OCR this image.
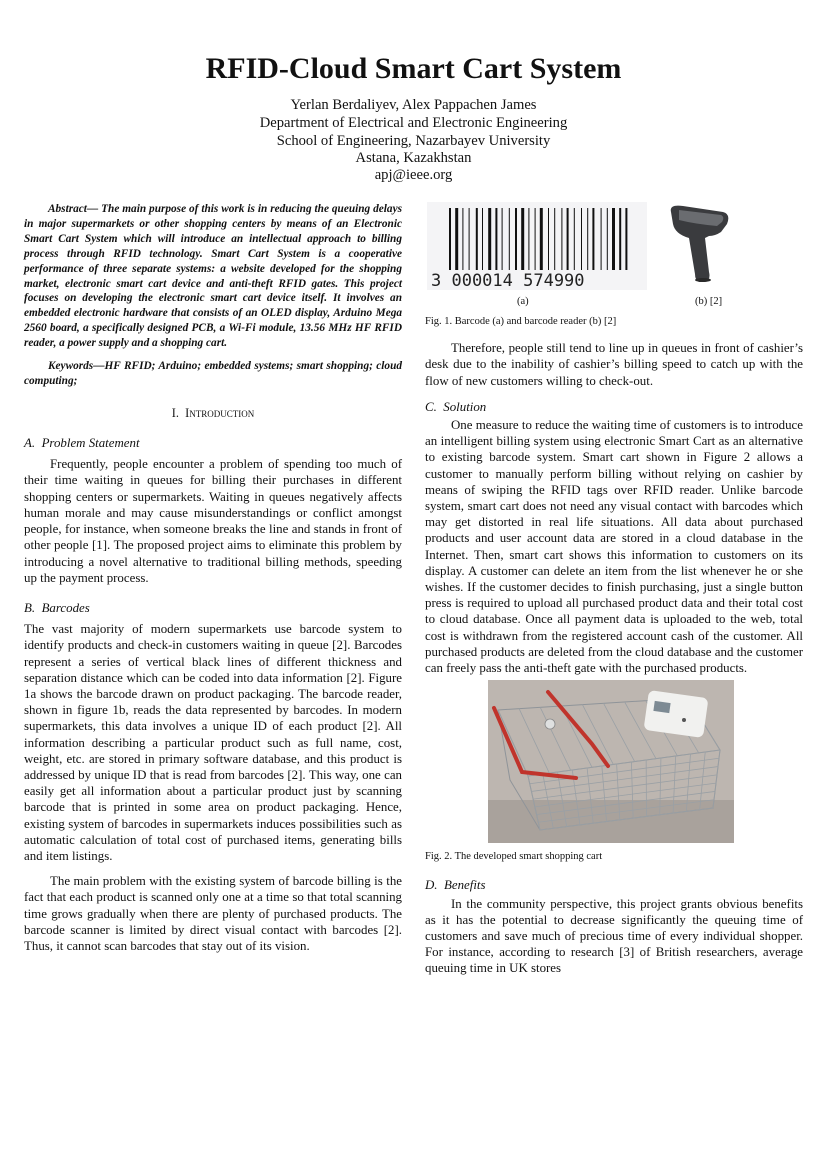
RFID-Cloud Smart Cart System
Yerlan Berdaliyev, Alex Pappachen James
Department of Electrical and Electronic Engineering
School of Engineering, Nazarbayev University
Astana, Kazakhstan
apj@ieee.org

Abstract— The main purpose of this work is in reducing the queuing delays in major supermarkets or other shopping centers by means of an Electronic Smart Cart System which will introduce an intellectual approach to billing process through RFID technology. Smart Cart System is a cooperative performance of three separate systems: a website developed for the shopping market, electronic smart cart device and anti-theft RFID gates. This project focuses on developing the electronic smart cart device itself. It involves an embedded electronic hardware that consists of an OLED display, Arduino Mega 2560 board, a specifically designed PCB, a Wi-Fi module, 13.56 MHz HF RFID reader, a power supply and a shopping cart.

Keywords—HF RFID; Arduino; embedded systems; smart shopping; cloud computing;

I. Introduction
A. Problem Statement

Frequently, people encounter a problem of spending too much of their time waiting in queues for billing their purchases in different shopping centers or supermarkets. Waiting in queues negatively affects human morale and may cause misunderstandings or conflict amongst people, for instance, when someone breaks the line and stands in front of other people [1]. The proposed project aims to eliminate this problem by introducing a novel alternative to traditional billing methods, speeding up the payment process.

B. Barcodes

The vast majority of modern supermarkets use barcode system to identify products and check-in customers waiting in queue [2]. Barcodes represent a series of vertical black lines of different thickness and separation distance which can be coded into data information [2]. Figure 1a shows the barcode drawn on product packaging. The barcode reader, shown in figure 1b, reads the data represented by barcodes. In modern supermarkets, this data involves a unique ID of each product [2]. All information describing a particular product such as full name, cost, weight, etc. are stored in primary software database, and this product is addressed by unique ID that is read from barcodes [2]. This way, one can easily get all information about a particular product just by scanning barcode that is printed in some area on product packaging. Hence, existing system of barcodes in supermarkets induces possibilities such as automatic calculation of total cost of purchased items, generating bills and item listings.

The main problem with the existing system of barcode billing is the fact that each product is scanned only one at a time so that total scanning time grows gradually when there are plenty of purchased products. The barcode scanner is limited by direct visual contact with barcodes [2]. Thus, it cannot scan barcodes that stay out of its vision.

3 000014 574990
(a)	(b) [2]

Fig. 1. Barcode (a) and barcode reader (b) [2]

Therefore, people still tend to line up in queues in front of cashier’s desk due to the inability of cashier’s billing speed to catch up with the flow of new customers willing to check-out.

C. Solution

One measure to reduce the waiting time of customers is to introduce an intelligent billing system using electronic Smart Cart as an alternative to existing barcode system. Smart cart shown in Figure 2 allows a customer to manually perform billing without relying on cashier by means of swiping the RFID tags over RFID reader. Unlike barcode system, smart cart does not need any visual contact with barcodes which may get distorted in real life situations. All data about purchased products and user account data are stored in a cloud database in the Internet. Then, smart cart shows this information to customers on its display. A customer can delete an item from the list whenever he or she wishes. If the customer decides to finish purchasing, just a single button press is required to upload all purchased product data and their total cost to cloud database. Once all payment data is uploaded to the web, total cost is withdrawn from the registered account cash of the customer. All purchased products are deleted from the cloud database and the customer can freely pass the anti-theft gate with the purchased products.

Fig. 2. The developed smart shopping cart

D. Benefits

In the community perspective, this project grants obvious benefits as it has the potential to decrease significantly the queuing time of customers and save much of precious time of every individual shopper. For instance, according to research [3] of British researchers, average queuing time in UK stores
